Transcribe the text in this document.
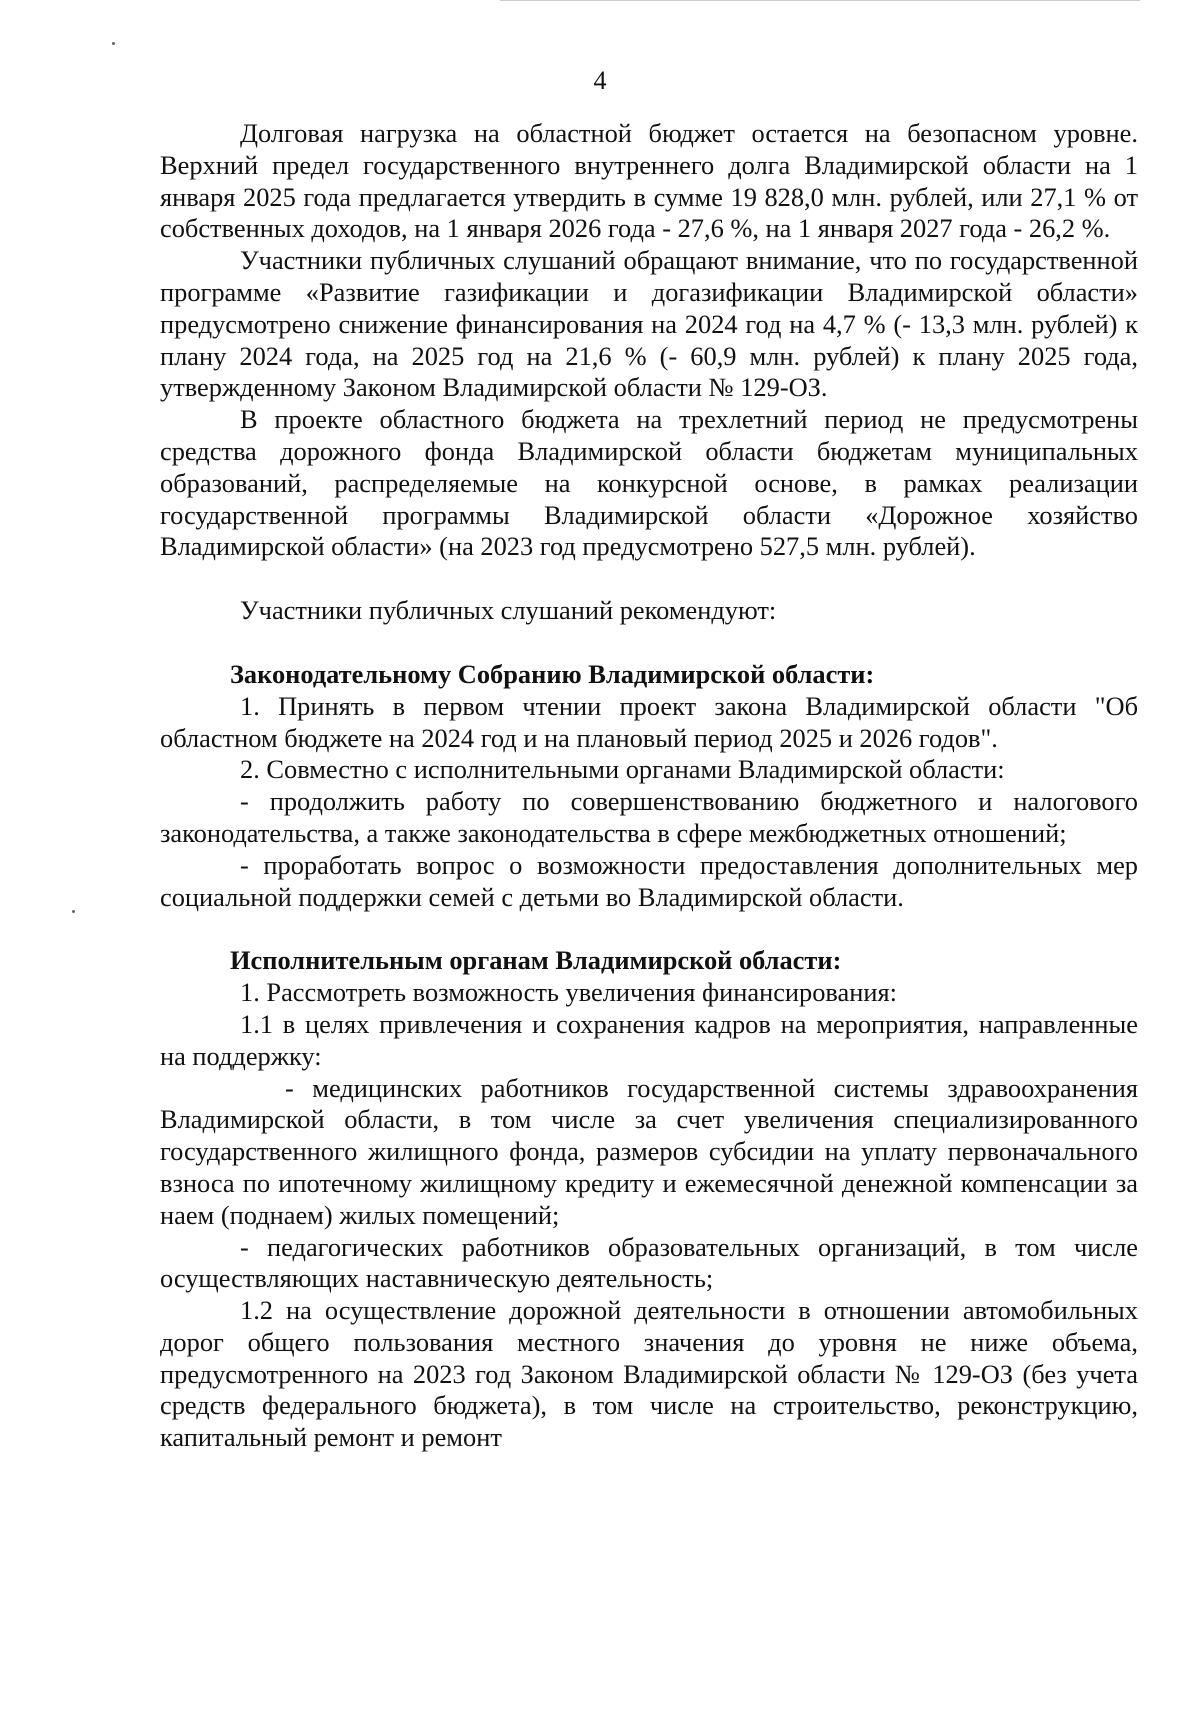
4

Долговая нагрузка на областной бюджет остается на безопасном уровне. Верхний предел государственного внутреннего долга Владимирской области на 1 января 2025 года предлагается утвердить в сумме 19 828,0 млн. рублей, или 27,1 % от собственных доходов, на 1 января 2026 года - 27,6 %, на 1 января 2027 года - 26,2 %.

Участники публичных слушаний обращают внимание, что по государственной программе «Развитие газификации и догазификации Владимирской области» предусмотрено снижение финансирования на 2024 год на 4,7 % (- 13,3 млн. рублей) к плану 2024 года, на 2025 год на 21,6 % (- 60,9 млн. рублей) к плану 2025 года, утвержденному Законом Владимирской области № 129-ОЗ.

В проекте областного бюджета на трехлетний период не предусмотрены средства дорожного фонда Владимирской области бюджетам муниципальных образований, распределяемые на конкурсной основе, в рамках реализации государственной программы Владимирской области «Дорожное хозяйство Владимирской области» (на 2023 год предусмотрено 527,5 млн. рублей).

Участники публичных слушаний рекомендуют:

Законодательному Собранию Владимирской области:

1. Принять в первом чтении проект закона Владимирской области "Об областном бюджете на 2024 год и на плановый период 2025 и 2026 годов".

2. Совместно с исполнительными органами Владимирской области:

- продолжить работу по совершенствованию бюджетного и налогового законодательства, а также законодательства в сфере межбюджетных отношений;

- проработать вопрос о возможности предоставления дополнительных мер социальной поддержки семей с детьми во Владимирской области.

Исполнительным органам Владимирской области:

1. Рассмотреть возможность увеличения финансирования:

1.1 в целях привлечения и сохранения кадров на мероприятия, направленные на поддержку:

- медицинских работников государственной системы здравоохранения Владимирской области, в том числе за счет увеличения специализированного государственного жилищного фонда, размеров субсидии на уплату первоначального взноса по ипотечному жилищному кредиту и ежемесячной денежной компенсации за наем (поднаем) жилых помещений;

- педагогических работников образовательных организаций, в том числе осуществляющих наставническую деятельность;

1.2 на осуществление дорожной деятельности в отношении автомобильных дорог общего пользования местного значения до уровня не ниже объема, предусмотренного на 2023 год Законом Владимирской области № 129-ОЗ (без учета средств федерального бюджета), в том числе на строительство, реконструкцию, капитальный ремонт и ремонт
